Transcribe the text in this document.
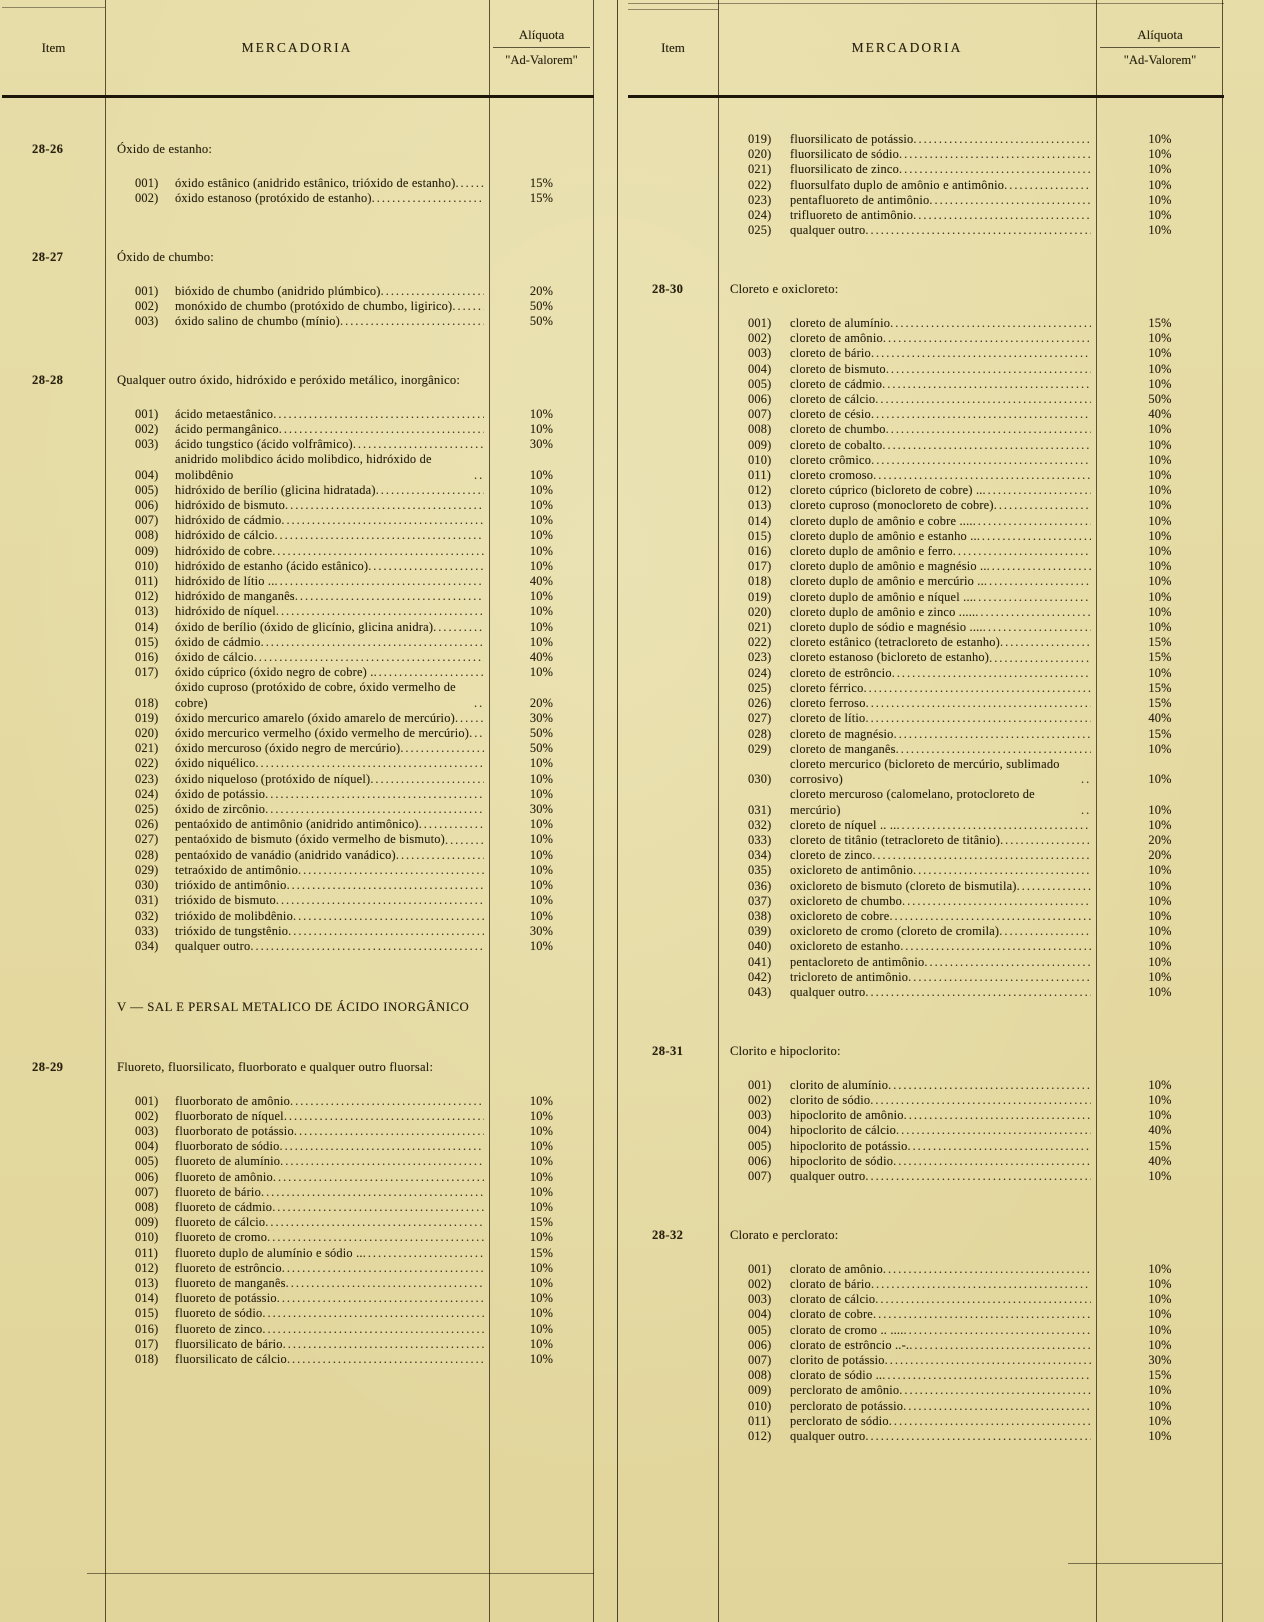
Item	MERCADORIA
Alíquota
"Ad-Valorem"
28-26	Óxido de estanho:
001)	óxido estânico (anidrido estânico, trióxido de estanho) .....	15%
002)	óxido estanoso (protóxido de estanho) .....	15%
28-27	Óxido de chumbo:
001)	bióxido de chumbo (anidrido plúmbico) .....	20%
002)	monóxido de chumbo (protóxido de chumbo, ligirico) .....	50%
003)	óxido salino de chumbo (mínio) .....	50%
28-28	Qualquer outro óxido, hidróxido e peróxido metálico, inorgânico:
001)	ácido metaestânico .....	10%
002)	ácido permangânico .....	10%
003)	ácido tungstico (ácido volfrâmico) .....	30%
004)
anidrido molibdico ácido molibdico, hidróxido de molibdênio .....	10%
005)	hidróxido de berílio (glicina hidratada) .....	10%
006)	hidróxido de bismuto .....	10%
007)	hidróxido de cádmio .....	10%
008)	hidróxido de cálcio .....	10%
009)	hidróxido de cobre .....	10%
010)	hidróxido de estanho (ácido estânico) .....	10%
011)	hidróxido de lítio .. .....	40%
012)	hidróxido de manganês .....	10%
013)	hidróxido de níquel .....	10%
014)	óxido de berílio (óxido de glicínio, glicina anidra) .....	10%
015)	óxido de cádmio .....	10%
016)	óxido de cálcio .....	40%
017)	óxido cúprico (óxido negro de cobre) . .....	10%
018)
óxido cuproso (protóxido de cobre, óxido vermelho de cobre) .....	20%
019)	óxido mercurico amarelo (óxido amarelo de mercúrio) .....	30%
020)	óxido mercurico vermelho (óxido vermelho de mercúrio) .....	50%
021)	óxido mercuroso (óxido negro de mercúrio) .....	50%
022)	óxido niquélico .....	10%
023)	óxido niqueloso (protóxido de níquel) .....	10%
024)	óxido de potássio .....	10%
025)	óxido de zircônio .....	30%
026)	pentaóxido de antimônio (anidrido antimônico) .....	10%
027)	pentaóxido de bismuto (óxido vermelho de bismuto) .....	10%
028)	pentaóxido de vanádio (anidrido vanádico) .....	10%
029)	tetraóxido de antimônio .....	10%
030)	trióxido de antimônio .....	10%
031)	trióxido de bismuto .....	10%
032)	trióxido de molibdênio .....	10%
033)	trióxido de tungstênio .....	30%
034)	qualquer outro .....	10%
V — SAL E PERSAL METALICO DE ÁCIDO INORGÂNICO
28-29	Fluoreto, fluorsilicato, fluorborato e qualquer outro fluorsal:
001)	fluorborato de amônio .....	10%
002)	fluorborato de níquel .....	10%
003)	fluorborato de potássio .....	10%
004)	fluorborato de sódio .....	10%
005)	fluoreto de alumínio .....	10%
006)	fluoreto de amônio .....	10%
007)	fluoreto de bário .....	10%
008)	fluoreto de cádmio .....	10%
009)	fluoreto de cálcio .....	15%
010)	fluoreto de cromo .....	10%
011)	fluoreto duplo de alumínio e sódio .. .....	15%
012)	fluoreto de estrôncio .....	10%
013)	fluoreto de manganês .....	10%
014)	fluoreto de potássio .....	10%
015)	fluoreto de sódio .....	10%
016)	fluoreto de zinco .....	10%
017)	fluorsilicato de bário .....	10%
018)	fluorsilicato de cálcio .....	10%
Item	MERCADORIA
Alíquota
"Ad-Valorem"
019)	fluorsilicato de potássio .....	10%
020)	fluorsilicato de sódio .....	10%
021)	fluorsilicato de zinco .....	10%
022)	fluorsulfato duplo de amônio e antimônio .....	10%
023)	pentafluoreto de antimônio .....	10%
024)	trifluoreto de antimônio .....	10%
025)	qualquer outro .....	10%
28-30	Cloreto e oxicloreto:
001)	cloreto de alumínio .....	15%
002)	cloreto de amônio .....	10%
003)	cloreto de bário .....	10%
004)	cloreto de bismuto .....	10%
005)	cloreto de cádmio .....	10%
006)	cloreto de cálcio .....	50%
007)	cloreto de césio .....	40%
008)	cloreto de chumbo .....	10%
009)	cloreto de cobalto .....	10%
010)	cloreto crômico .....	10%
011)	cloreto cromoso .....	10%
012)	cloreto cúprico (bicloreto de cobre) .. .....	10%
013)	cloreto cuproso (monocloreto de cobre) .....	10%
014)	cloreto duplo de amônio e cobre .... .....	10%
015)	cloreto duplo de amônio e estanho .. .....	10%
016)	cloreto duplo de amônio e ferro .....	10%
017)	cloreto duplo de amônio e magnésio .. .....	10%
018)	cloreto duplo de amônio e mercúrio .. .....	10%
019)	cloreto duplo de amônio e níquel ... .....	10%
020)	cloreto duplo de amônio e zinco ..... .....	10%
021)	cloreto duplo de sódio e magnésio .... .....	10%
022)	cloreto estânico (tetracloreto de estanho) .....	15%
023)	cloreto estanoso (bicloreto de estanho) .....	15%
024)	cloreto de estrôncio .....	10%
025)	cloreto férrico .....	15%
026)	cloreto ferroso .....	15%
027)	cloreto de lítio .....	40%
028)	cloreto de magnésio .....	15%
029)	cloreto de manganês .....	10%
030)
cloreto mercurico (bicloreto de mercúrio, sublimado corrosivo) .....	10%
031)
cloreto mercuroso (calomelano, protocloreto de mercúrio) .....	10%
032)	cloreto de níquel .. .. .....	10%
033)	cloreto de titânio (tetracloreto de titânio) .....	20%
034)	cloreto de zinco .....	20%
035)	oxicloreto de antimônio .....	10%
036)	oxicloreto de bismuto (cloreto de bismutila) .....	10%
037)	oxicloreto de chumbo .....	10%
038)	oxicloreto de cobre .....	10%
039)	oxicloreto de cromo (cloreto de cromila) .....	10%
040)	oxicloreto de estanho .....	10%
041)	pentacloreto de antimônio .....	10%
042)	tricloreto de antimônio .....	10%
043)	qualquer outro .....	10%
28-31	Clorito e hipoclorito:
001)	clorito de alumínio .....	10%
002)	clorito de sódio .....	10%
003)	hipoclorito de amônio .....	10%
004)	hipoclorito de cálcio .....	40%
005)	hipoclorito de potássio .....	15%
006)	hipoclorito de sódio .....	40%
007)	qualquer outro .....	10%
28-32	Clorato e perclorato:
001)	clorato de amônio .....	10%
002)	clorato de bário .....	10%
003)	clorato de cálcio .....	10%
004)	clorato de cobre .....	10%
005)	clorato de cromo .. .... .....	10%
006)	clorato de estrôncio ..-. .....	10%
007)	clorito de potássio .....	30%
008)	clorato de sódio .. .....	15%
009)	perclorato de amônio .....	10%
010)	perclorato de potássio .....	10%
011)	perclorato de sódio .....	10%
012)	qualquer outro .....	10%
